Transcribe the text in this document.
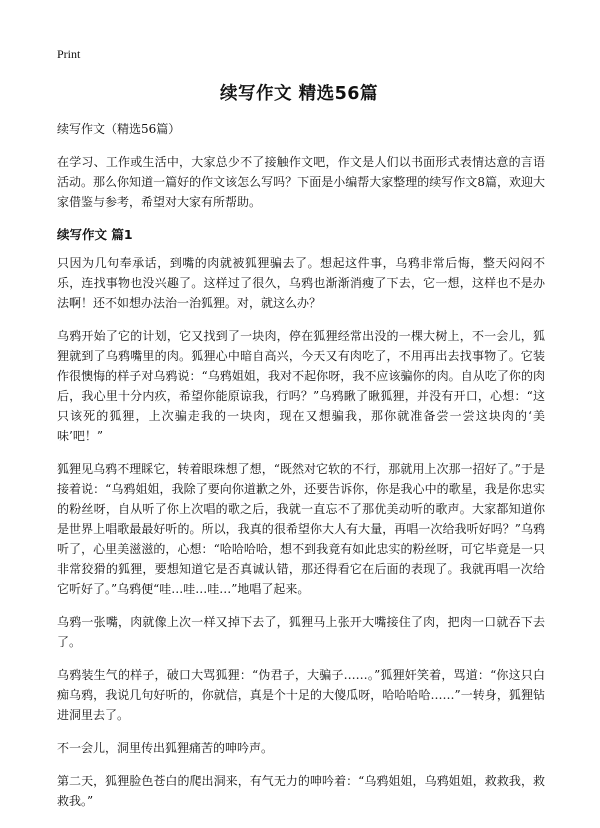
Print
续写作文 精选56篇

续写作文（精选56篇）

在学习、工作或生活中，大家总少不了接触作文吧，作文是人们以书面形式表情达意的言语活动。那么你知道一篇好的作文该怎么写吗？下面是小编帮大家整理的续写作文8篇，欢迎大家借鉴与参考，希望对大家有所帮助。

续写作文 篇1

只因为几句奉承话，到嘴的肉就被狐狸骗去了。想起这件事，乌鸦非常后悔，整天闷闷不乐，连找事物也没兴趣了。这样过了很久，乌鸦也渐渐消瘦了下去，它一想，这样也不是办法啊！还不如想办法治一治狐狸。对，就这么办？

乌鸦开始了它的计划，它又找到了一块肉，停在狐狸经常出没的一棵大树上，不一会儿，狐狸就到了乌鸦嘴里的肉。狐狸心中暗自高兴，今天又有肉吃了，不用再出去找事物了。它装作很懊悔的样子对乌鸦说：“乌鸦姐姐，我对不起你呀，我不应该骗你的肉。自从吃了你的肉后，我心里十分内疚，希望你能原谅我，行吗？”乌鸦瞅了瞅狐狸，并没有开口，心想：“这只该死的狐狸，上次骗走我的一块肉，现在又想骗我，那你就准备尝一尝这块肉的‘美味’吧！”

狐狸见乌鸦不理睬它，转着眼珠想了想，“既然对它软的不行，那就用上次那一招好了。”于是接着说：“乌鸦姐姐，我除了要向你道歉之外，还要告诉你，你是我心中的歌星，我是你忠实的粉丝呀，自从听了你上次唱的歌之后，我就一直忘不了那优美动听的歌声。大家都知道你是世界上唱歌最最好听的。所以，我真的很希望你大人有大量，再唱一次给我听好吗？”乌鸦听了，心里美滋滋的，心想：“哈哈哈哈，想不到我竟有如此忠实的粉丝呀，可它毕竟是一只非常狡猾的狐狸，要想知道它是否真诚认错，那还得看它在后面的表现了。我就再唱一次给它听好了。”乌鸦便“哇…哇…哇…”地唱了起来。

乌鸦一张嘴，肉就像上次一样又掉下去了，狐狸马上张开大嘴接住了肉，把肉一口就吞下去了。

乌鸦装生气的样子，破口大骂狐狸：“伪君子，大骗子……。”狐狸奸笑着，骂道：“你这只白痴乌鸦，我说几句好听的，你就信，真是个十足的大傻瓜呀，哈哈哈哈……”一转身，狐狸钻进洞里去了。

不一会儿，洞里传出狐狸痛苦的呻吟声。

第二天，狐狸脸色苍白的爬出洞来，有气无力的呻吟着：“乌鸦姐姐，乌鸦姐姐，救救我，救救我。”
